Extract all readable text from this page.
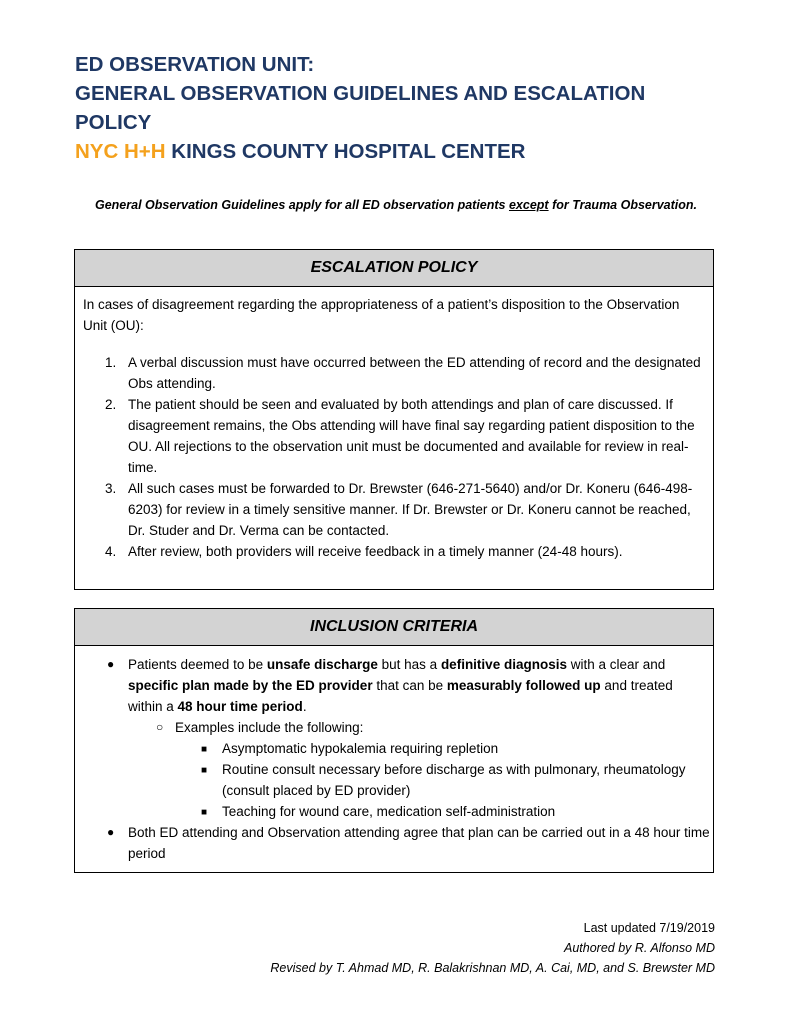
ED OBSERVATION UNIT:
GENERAL OBSERVATION GUIDELINES AND ESCALATION POLICY
NYC H+H KINGS COUNTY HOSPITAL CENTER
General Observation Guidelines apply for all ED observation patients except for Trauma Observation.
ESCALATION POLICY
In cases of disagreement regarding the appropriateness of a patient’s disposition to the Observation Unit (OU):
1. A verbal discussion must have occurred between the ED attending of record and the designated Obs attending.
2. The patient should be seen and evaluated by both attendings and plan of care discussed. If disagreement remains, the Obs attending will have final say regarding patient disposition to the OU. All rejections to the observation unit must be documented and available for review in real-time.
3. All such cases must be forwarded to Dr. Brewster (646-271-5640) and/or Dr. Koneru (646-498-6203) for review in a timely sensitive manner. If Dr. Brewster or Dr. Koneru cannot be reached, Dr. Studer and Dr. Verma can be contacted.
4. After review, both providers will receive feedback in a timely manner (24-48 hours).
INCLUSION CRITERIA
● Patients deemed to be unsafe discharge but has a definitive diagnosis with a clear and specific plan made by the ED provider that can be measurably followed up and treated within a 48 hour time period.
○ Examples include the following:
■ Asymptomatic hypokalemia requiring repletion
■ Routine consult necessary before discharge as with pulmonary, rheumatology (consult placed by ED provider)
■ Teaching for wound care, medication self-administration
● Both ED attending and Observation attending agree that plan can be carried out in a 48 hour time period
Last updated 7/19/2019
Authored by R. Alfonso MD
Revised by T. Ahmad MD, R. Balakrishnan MD, A. Cai, MD, and S. Brewster MD
